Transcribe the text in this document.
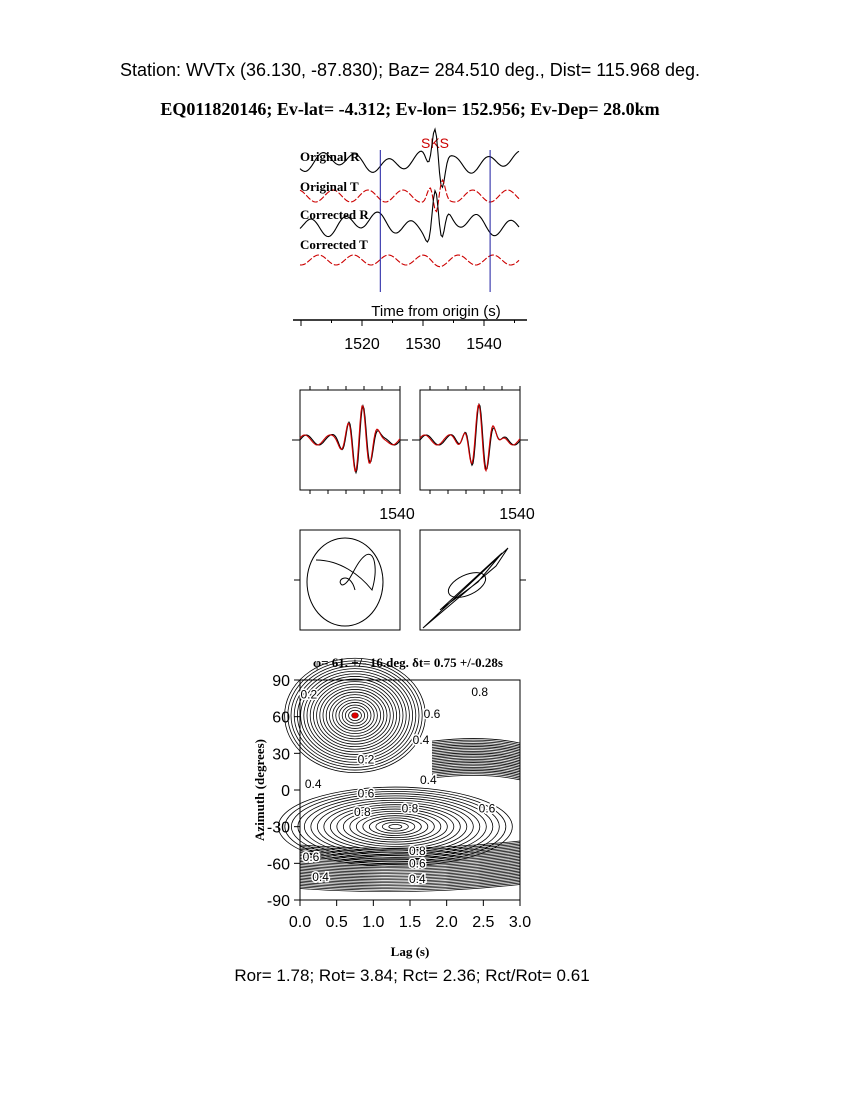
Station: WVTx (36.130, -87.830); Baz= 284.510 deg., Dist= 115.968 deg.
EQ011820146; Ev-lat= -4.312; Ev-lon= 152.956; Ev-Dep= 28.0km
SKS
Original R
Original T
Corrected R
Corrected T
Time from origin (s)
1520 1530 1540
1540	1540
φ= 61. +/- 16.deg. δt= 0.75 +/-0.28s
0.2
0.2
0.4	0.4
0.4
0.6
0.6
0.6
0.8
0.8	0.8
0.8
0.6
0.4
0.6
0.4
90
60
30
0
-30
-60
-90
0.0 0.5 1.0 1.5 2.0 2.5 3.0
Azimuth (degrees)
Lag (s)
Ror= 1.78; Rot= 3.84; Rct= 2.36; Rct/Rot= 0.61
